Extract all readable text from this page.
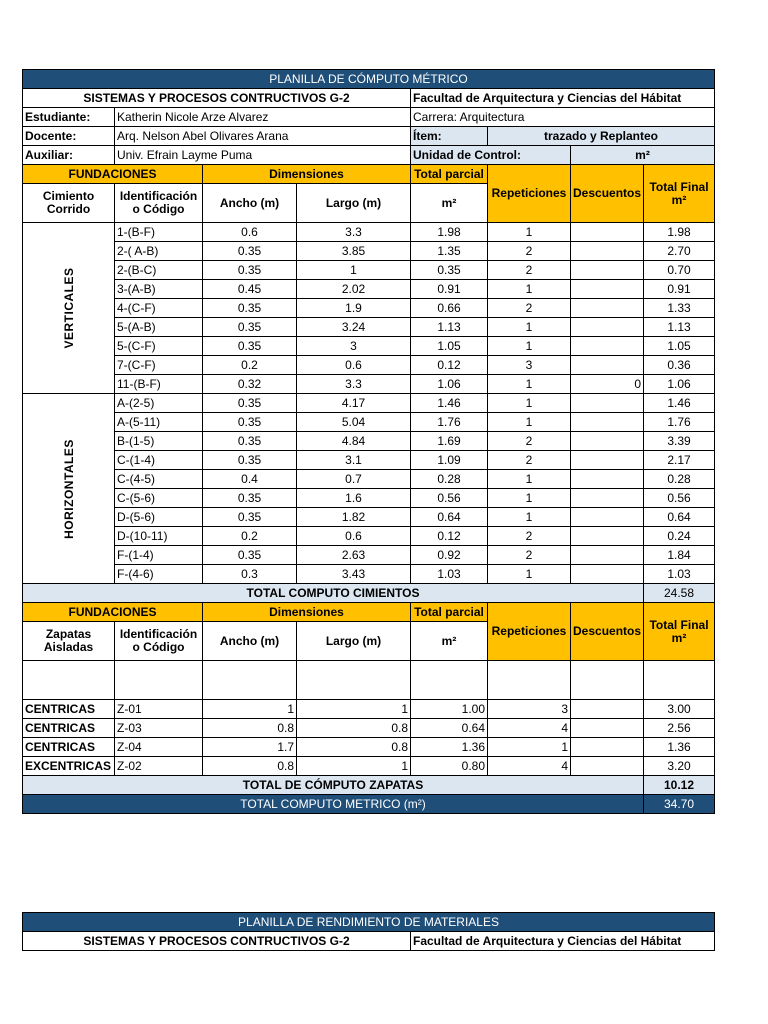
PLANILLA DE CÓMPUTO MÉTRICO							
SISTEMAS Y PROCESOS CONTRUCTIVOS G-2				Facultad de Arquitectura y Ciencias del Hábitat			
Estudiante:	Katherin Nicole Arze Alvarez			Carrera: Arquitectura			
Docente:	Arq. Nelson Abel Olivares Arana			Ítem:	trazado y Replanteo		
Auxiliar:	Univ. Efrain Layme Puma			Unidad de Control:		m²	
FUNDACIONES		Dimensiones		Total parcial	Repeticiones	Descuentos	Total Final m²
Cimiento Corrido	Identificación o Código	Ancho (m)	Largo (m)	m²			

VERTICALES	1-(B-F)	0.6	3.3	1.98	1		1.98
	2-( A-B)	0.35	3.85	1.35	2		2.70
	2-(B-C)	0.35	1	0.35	2		0.70
	3-(A-B)	0.45	2.02	0.91	1		0.91
	4-(C-F)	0.35	1.9	0.66	2		1.33
	5-(A-B)	0.35	3.24	1.13	1		1.13
	5-(C-F)	0.35	3	1.05	1		1.05
	7-(C-F)	0.2	0.6	0.12	3		0.36
	11-(B-F)	0.32	3.3	1.06	1	0	1.06

HORIZONTALES	A-(2-5)	0.35	4.17	1.46	1		1.46
	A-(5-11)	0.35	5.04	1.76	1		1.76
	B-(1-5)	0.35	4.84	1.69	2		3.39
	C-(1-4)	0.35	3.1	1.09	2		2.17
	C-(4-5)	0.4	0.7	0.28	1		0.28
	C-(5-6)	0.35	1.6	0.56	1		0.56
	D-(5-6)	0.35	1.82	0.64	1		0.64
	D-(10-11)	0.2	0.6	0.12	2		0.24
	F-(1-4)	0.35	2.63	0.92	2		1.84
	F-(4-6)	0.3	3.43	1.03	1		1.03
TOTAL COMPUTO CIMIENTOS							24.58
FUNDACIONES		Dimensiones		Total parcial	Repeticiones	Descuentos	Total Final m²
Zapatas Aisladas	Identificación o Código	Ancho (m)	Largo (m)	m²			

CENTRICAS	Z-01	1	1	1.00	3		3.00
CENTRICAS	Z-03	0.8	0.8	0.64	4		2.56
CENTRICAS	Z-04	1.7	0.8	1.36	1		1.36
EXCENTRICAS	Z-02	0.8	1	0.80	4		3.20
TOTAL DE CÓMPUTO ZAPATAS							10.12
TOTAL COMPUTO METRICO (m²)							34.70
PLANILLA DE RENDIMIENTO DE MATERIALES
SISTEMAS Y PROCESOS CONTRUCTIVOS G-2	Facultad de Arquitectura y Ciencias del Hábitat
